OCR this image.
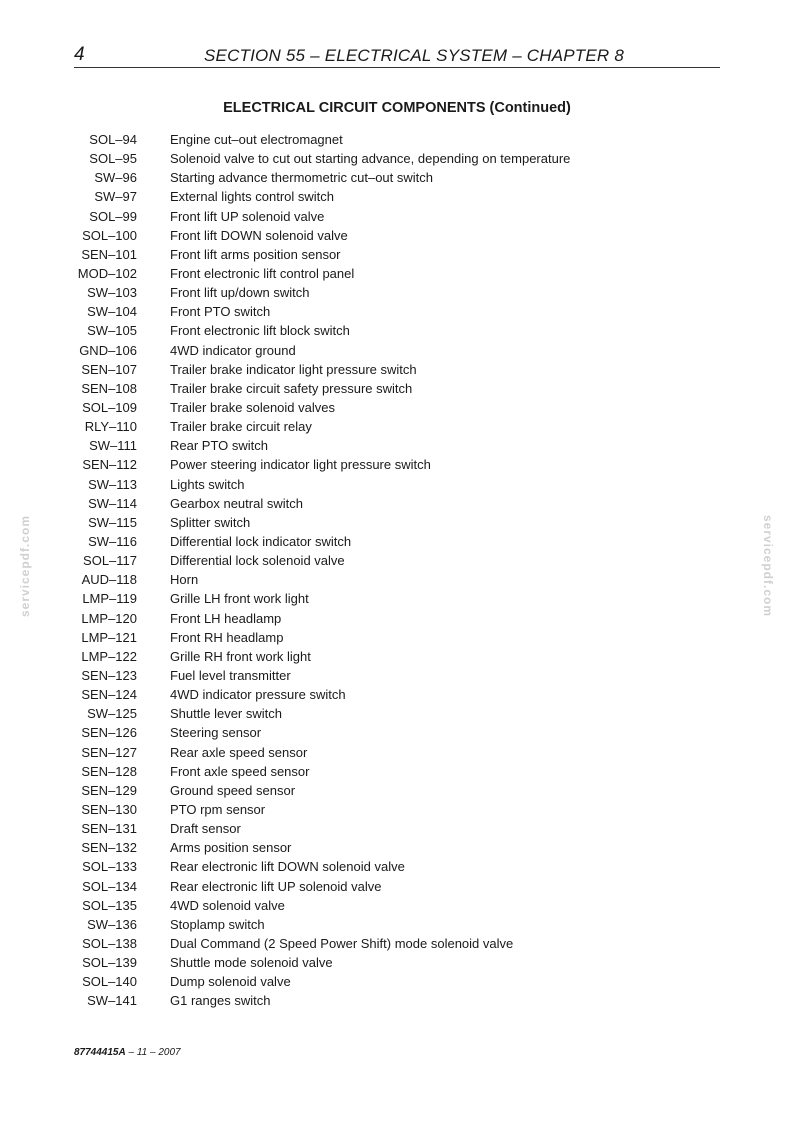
4	SECTION 55 – ELECTRICAL SYSTEM – CHAPTER 8
ELECTRICAL CIRCUIT COMPONENTS (Continued)
SOL–94	Engine cut–out electromagnet
SOL–95	Solenoid valve to cut out starting advance, depending on temperature
SW–96	Starting advance thermometric cut–out switch
SW–97	External lights control switch
SOL–99	Front lift UP solenoid valve
SOL–100	Front lift DOWN solenoid valve
SEN–101	Front lift arms position sensor
MOD–102	Front electronic lift control panel
SW–103	Front lift up/down switch
SW–104	Front PTO switch
SW–105	Front electronic lift block switch
GND–106	4WD indicator ground
SEN–107	Trailer brake indicator light pressure switch
SEN–108	Trailer brake circuit safety pressure switch
SOL–109	Trailer brake solenoid valves
RLY–110	Trailer brake circuit relay
SW–111	Rear PTO switch
SEN–112	Power steering indicator light pressure switch
SW–113	Lights switch
SW–114	Gearbox neutral switch
SW–115	Splitter switch
SW–116	Differential lock indicator switch
SOL–117	Differential lock solenoid valve
AUD–118	Horn
LMP–119	Grille LH front work light
LMP–120	Front LH headlamp
LMP–121	Front RH headlamp
LMP–122	Grille RH front work light
SEN–123	Fuel level transmitter
SEN–124	4WD indicator pressure switch
SW–125	Shuttle lever switch
SEN–126	Steering sensor
SEN–127	Rear axle speed sensor
SEN–128	Front axle speed sensor
SEN–129	Ground speed sensor
SEN–130	PTO rpm sensor
SEN–131	Draft sensor
SEN–132	Arms position sensor
SOL–133	Rear electronic lift DOWN solenoid valve
SOL–134	Rear electronic lift UP solenoid valve
SOL–135	4WD solenoid valve
SW–136	Stoplamp switch
SOL–138	Dual Command (2 Speed Power Shift) mode solenoid valve
SOL–139	Shuttle mode solenoid valve
SOL–140	Dump solenoid valve
SW–141	G1 ranges switch
servicepdf.com	servicepdf.com
87744415A – 11 – 2007
